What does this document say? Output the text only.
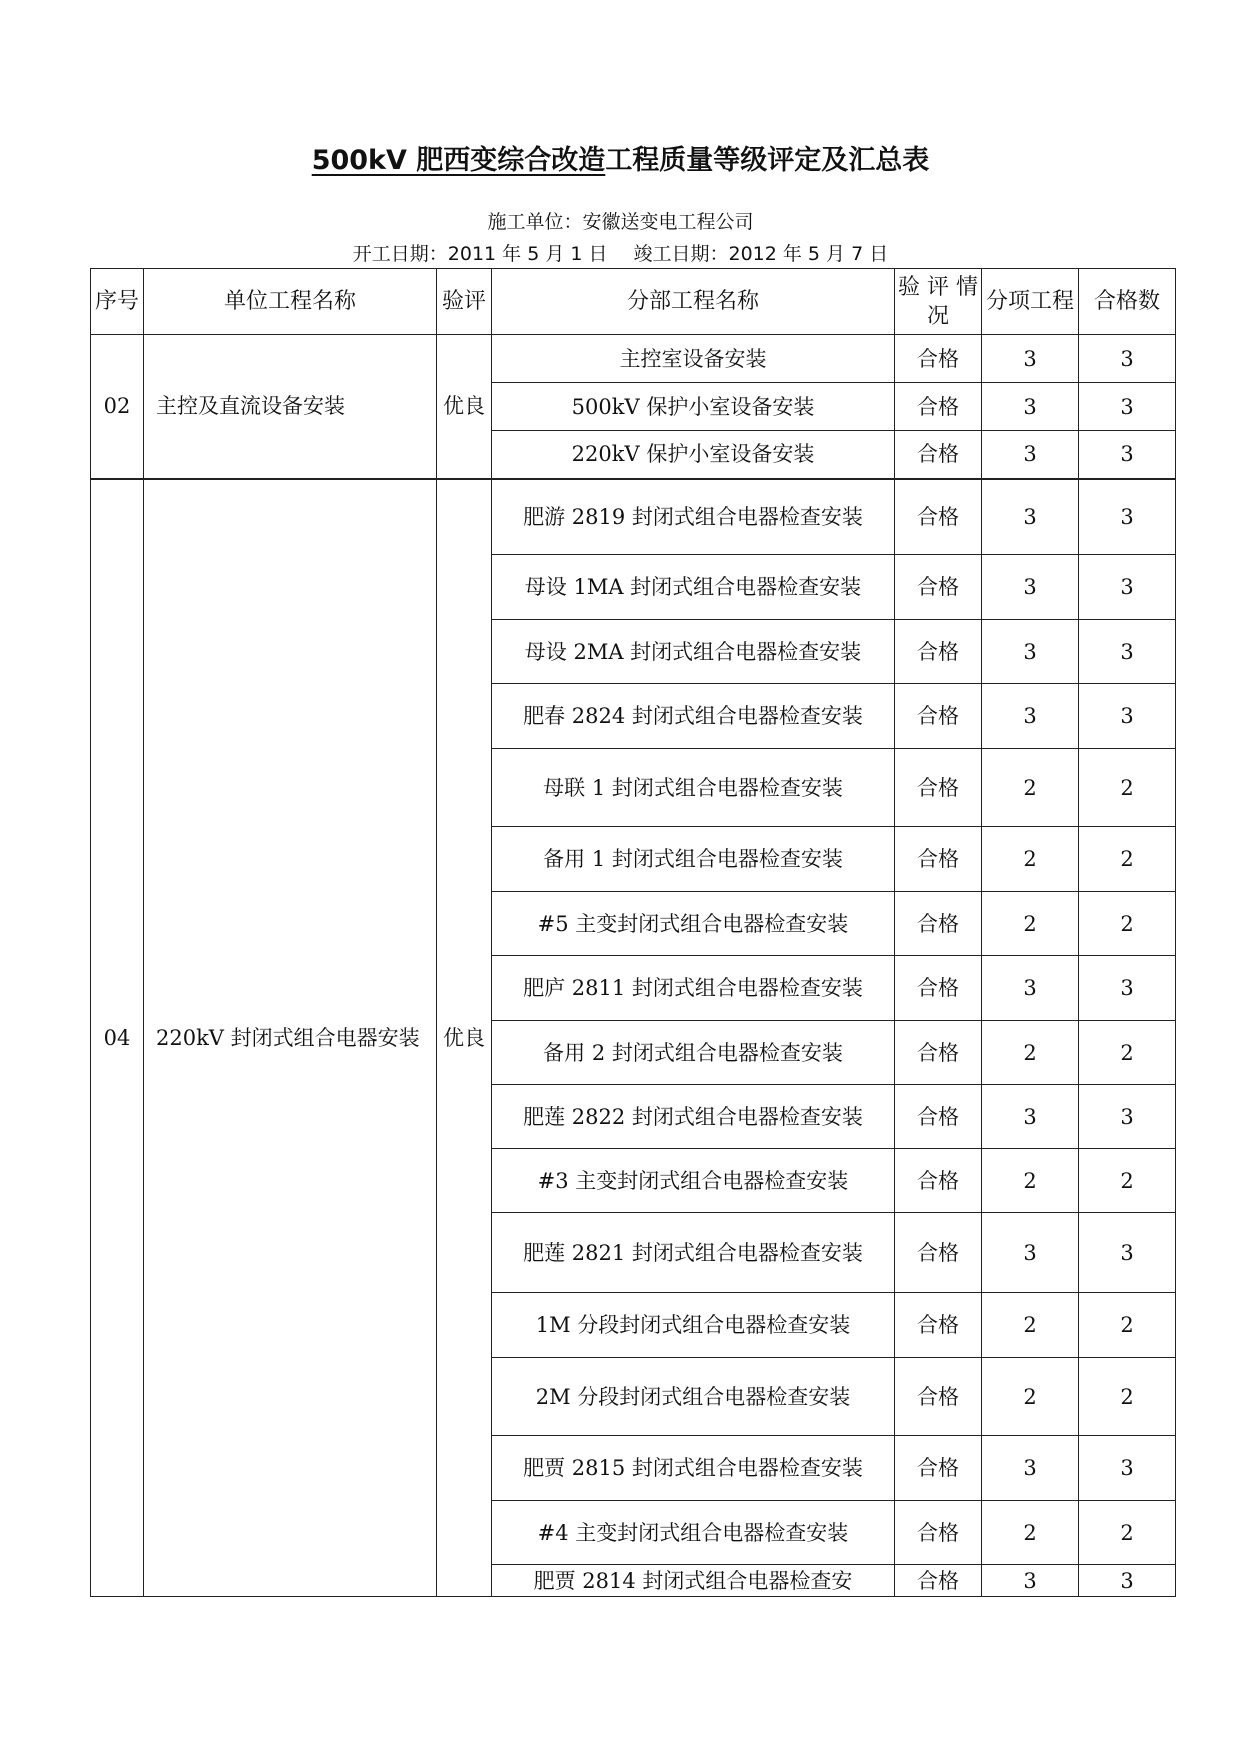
500kV 肥西变综合改造工程质量等级评定及汇总表
施工单位：安徽送变电工程公司
开工日期：2011 年 5 月 1 日 竣工日期：2012 年 5 月 7 日
序号	单位工程名称	验评	分部工程名称	验 评 情 况	分项工程	合格数
02	主控及直流设备安装	优良	主控室设备安装	合格	3	3
			500kV 保护小室设备安装	合格	3	3
			220kV 保护小室设备安装	合格	3	3
04	220kV 封闭式组合电器安装	优良	肥游 2819 封闭式组合电器检查安装	合格	3	3
			母设 1MA 封闭式组合电器检查安装	合格	3	3
			母设 2MA 封闭式组合电器检查安装	合格	3	3
			肥春 2824 封闭式组合电器检查安装	合格	3	3
			母联 1 封闭式组合电器检查安装	合格	2	2
			备用 1 封闭式组合电器检查安装	合格	2	2
			#5 主变封闭式组合电器检查安装	合格	2	2
			肥庐 2811 封闭式组合电器检查安装	合格	3	3
			备用 2 封闭式组合电器检查安装	合格	2	2
			肥莲 2822 封闭式组合电器检查安装	合格	3	3
			#3 主变封闭式组合电器检查安装	合格	2	2
			肥莲 2821 封闭式组合电器检查安装	合格	3	3
			1M 分段封闭式组合电器检查安装	合格	2	2
			2M 分段封闭式组合电器检查安装	合格	2	2
			肥贾 2815 封闭式组合电器检查安装	合格	3	3
			#4 主变封闭式组合电器检查安装	合格	2	2
			肥贾 2814 封闭式组合电器检查安	合格	3	3
